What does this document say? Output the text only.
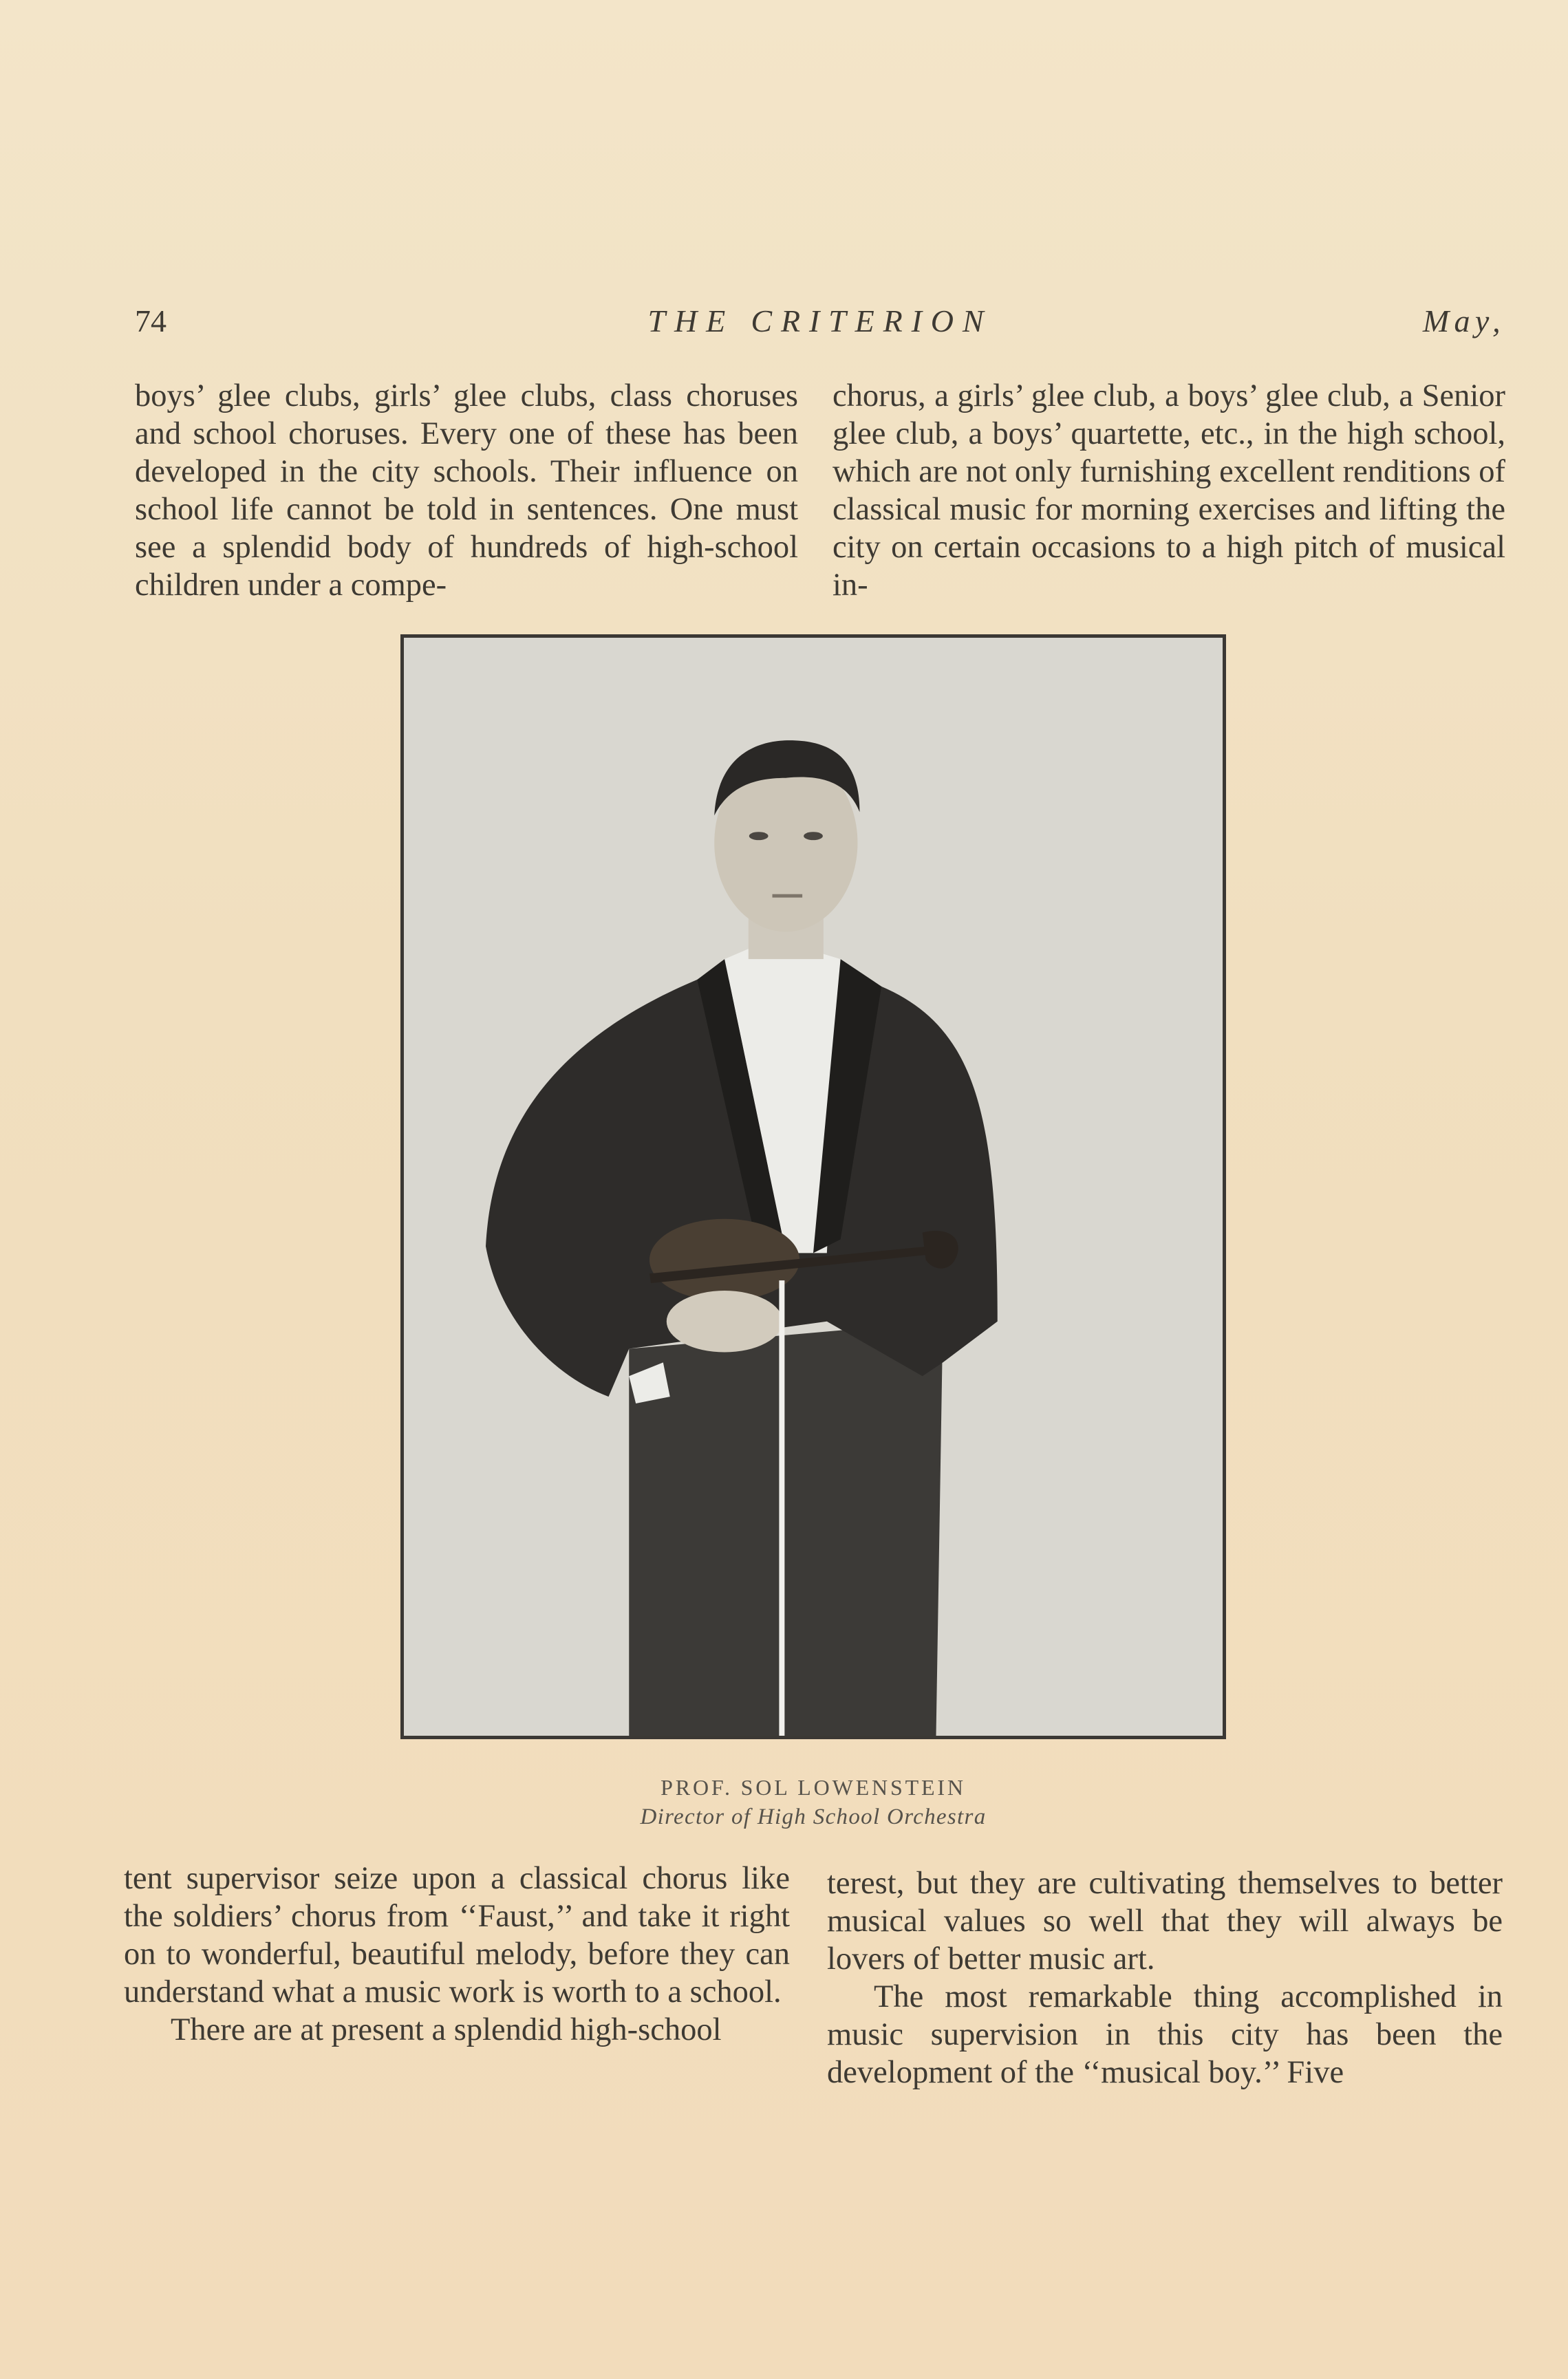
74	THE CRITERION	May,

boys’ glee clubs, girls’ glee clubs, class choruses and school choruses. Every one of these has been developed in the city schools. Their influence on school life cannot be told in sentences. One must see a splendid body of hundreds of high-school children under a compe-

chorus, a girls’ glee club, a boys’ glee club, a Senior glee club, a boys’ quartette, etc., in the high school, which are not only furnishing excellent renditions of classical music for morning exercises and lifting the city on certain occasions to a high pitch of musical in-

PROF. SOL LOWENSTEIN
Director of High School Orchestra

tent supervisor seize upon a classical chorus like the soldiers’ chorus from ‘‘Faust,’’ and take it right on to wonderful, beautiful melody, before they can understand what a music work is worth to a school.

There are at present a splendid high-school

terest, but they are cultivating themselves to better musical values so well that they will always be lovers of better music art.

The most remarkable thing accomplished in music supervision in this city has been the development of the ‘‘musical boy.’’ Five
